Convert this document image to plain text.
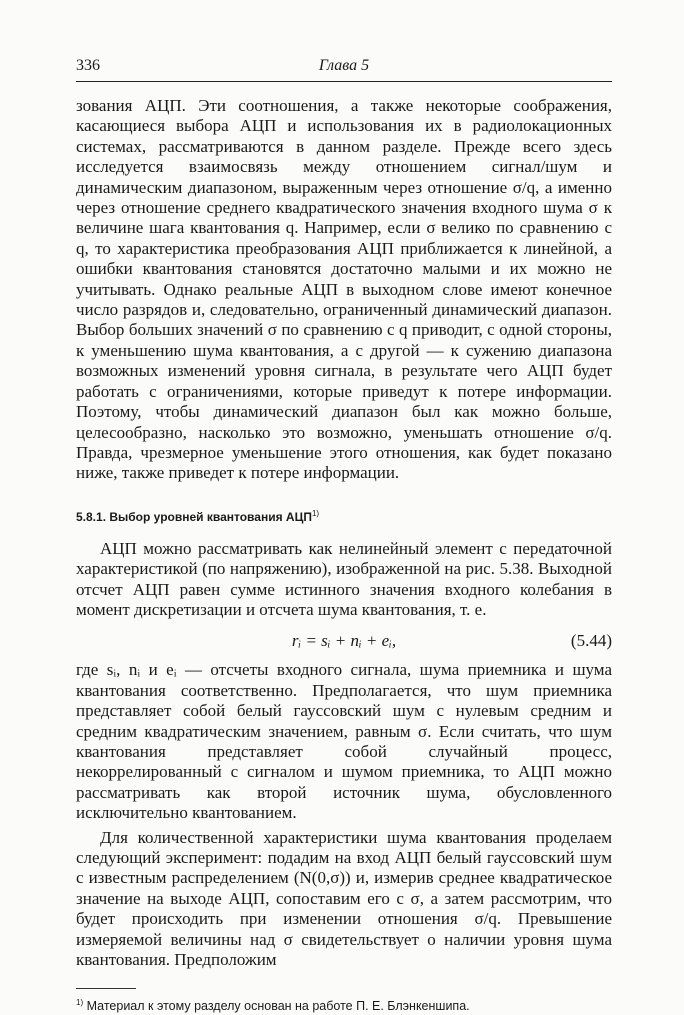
336	Глава 5

зования АЦП. Эти соотношения, а также некоторые соображения, касающиеся выбора АЦП и использования их в радиолокационных системах, рассматриваются в данном разделе. Прежде всего здесь исследуется взаимосвязь между отношением сигнал/шум и динамическим диапазоном, выраженным через отношение σ/q, а именно через отношение среднего квадратического значения входного шума σ к величине шага квантования q. Например, если σ велико по сравнению с q, то характеристика преобразования АЦП приближается к линейной, а ошибки квантования становятся достаточно малыми и их можно не учитывать. Однако реальные АЦП в выходном слове имеют конечное число разрядов и, следовательно, ограниченный динамический диапазон. Выбор больших значений σ по сравнению с q приводит, с одной стороны, к уменьшению шума квантования, а с другой — к сужению диапазона возможных изменений уровня сигнала, в результате чего АЦП будет работать с ограничениями, которые приведут к потере информации. Поэтому, чтобы динамический диапазон был как можно больше, целесообразно, насколько это возможно, уменьшать отношение σ/q. Правда, чрезмерное уменьшение этого отношения, как будет показано ниже, также приведет к потере информации.

5.8.1. Выбор уровней квантования АЦП$^{1)}$

АЦП можно рассматривать как нелинейный элемент с передаточной характеристикой (по напряжению), изображенной на рис. 5.38. Выходной отсчет АЦП равен сумме истинного значения входного колебания в момент дискретизации и отсчета шума квантования, т. е.

rᵢ = sᵢ + nᵢ + eᵢ,	(5.44)

где sᵢ, nᵢ и eᵢ — отсчеты входного сигнала, шума приемника и шума квантования соответственно. Предполагается, что шум приемника представляет собой белый гауссовский шум с нулевым средним и средним квадратическим значением, равным σ. Если считать, что шум квантования представляет собой случайный процесс, некоррелированный с сигналом и шумом приемника, то АЦП можно рассматривать как второй источник шума, обусловленного исключительно квантованием.

Для количественной характеристики шума квантования проделаем следующий эксперимент: подадим на вход АЦП белый гауссовский шум с известным распределением (N(0,σ)) и, измерив среднее квадратическое значение на выходе АЦП, сопоставим его с σ, а затем рассмотрим, что будет происходить при изменении отношения σ/q. Превышение измеряемой величины над σ свидетельствует о наличии уровня шума квантования. Предположим

$^{1)}$ Материал к этому разделу основан на работе П. Е. Блэнкеншипа.
